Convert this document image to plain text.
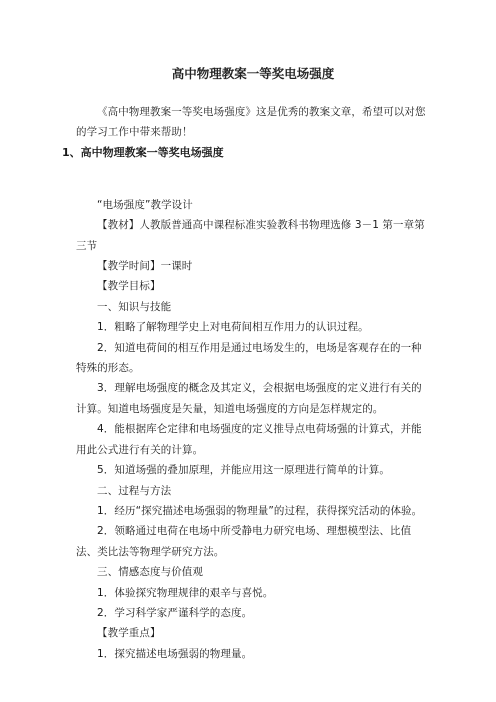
高中物理教案一等奖电场强度

《高中物理教案一等奖电场强度》这是优秀的教案文章，希望可以对您的学习工作中带来帮助！

1、高中物理教案一等奖电场强度

“电场强度”教学设计

【教材】人教版普通高中课程标准实验教科书物理选修 3－1 第一章第三节

【教学时间】一课时

【教学目标】

一、知识与技能

1．粗略了解物理学史上对电荷间相互作用力的认识过程。

2．知道电荷间的相互作用是通过电场发生的，电场是客观存在的一种特殊的形态。

3．理解电场强度的概念及其定义，会根据电场强度的定义进行有关的计算。知道电场强度是矢量，知道电场强度的方向是怎样规定的。

4．能根据库仑定律和电场强度的定义推导点电荷场强的计算式，并能用此公式进行有关的计算。

5．知道场强的叠加原理，并能应用这一原理进行简单的计算。

二、过程与方法

1．经历“探究描述电场强弱的物理量”的过程，获得探究活动的体验。

2．领略通过电荷在电场中所受静电力研究电场、理想模型法、比值法、类比法等物理学研究方法。

三、情感态度与价值观

1．体验探究物理规律的艰辛与喜悦。

2．学习科学家严谨科学的态度。

【教学重点】

1．探究描述电场强弱的物理量。
